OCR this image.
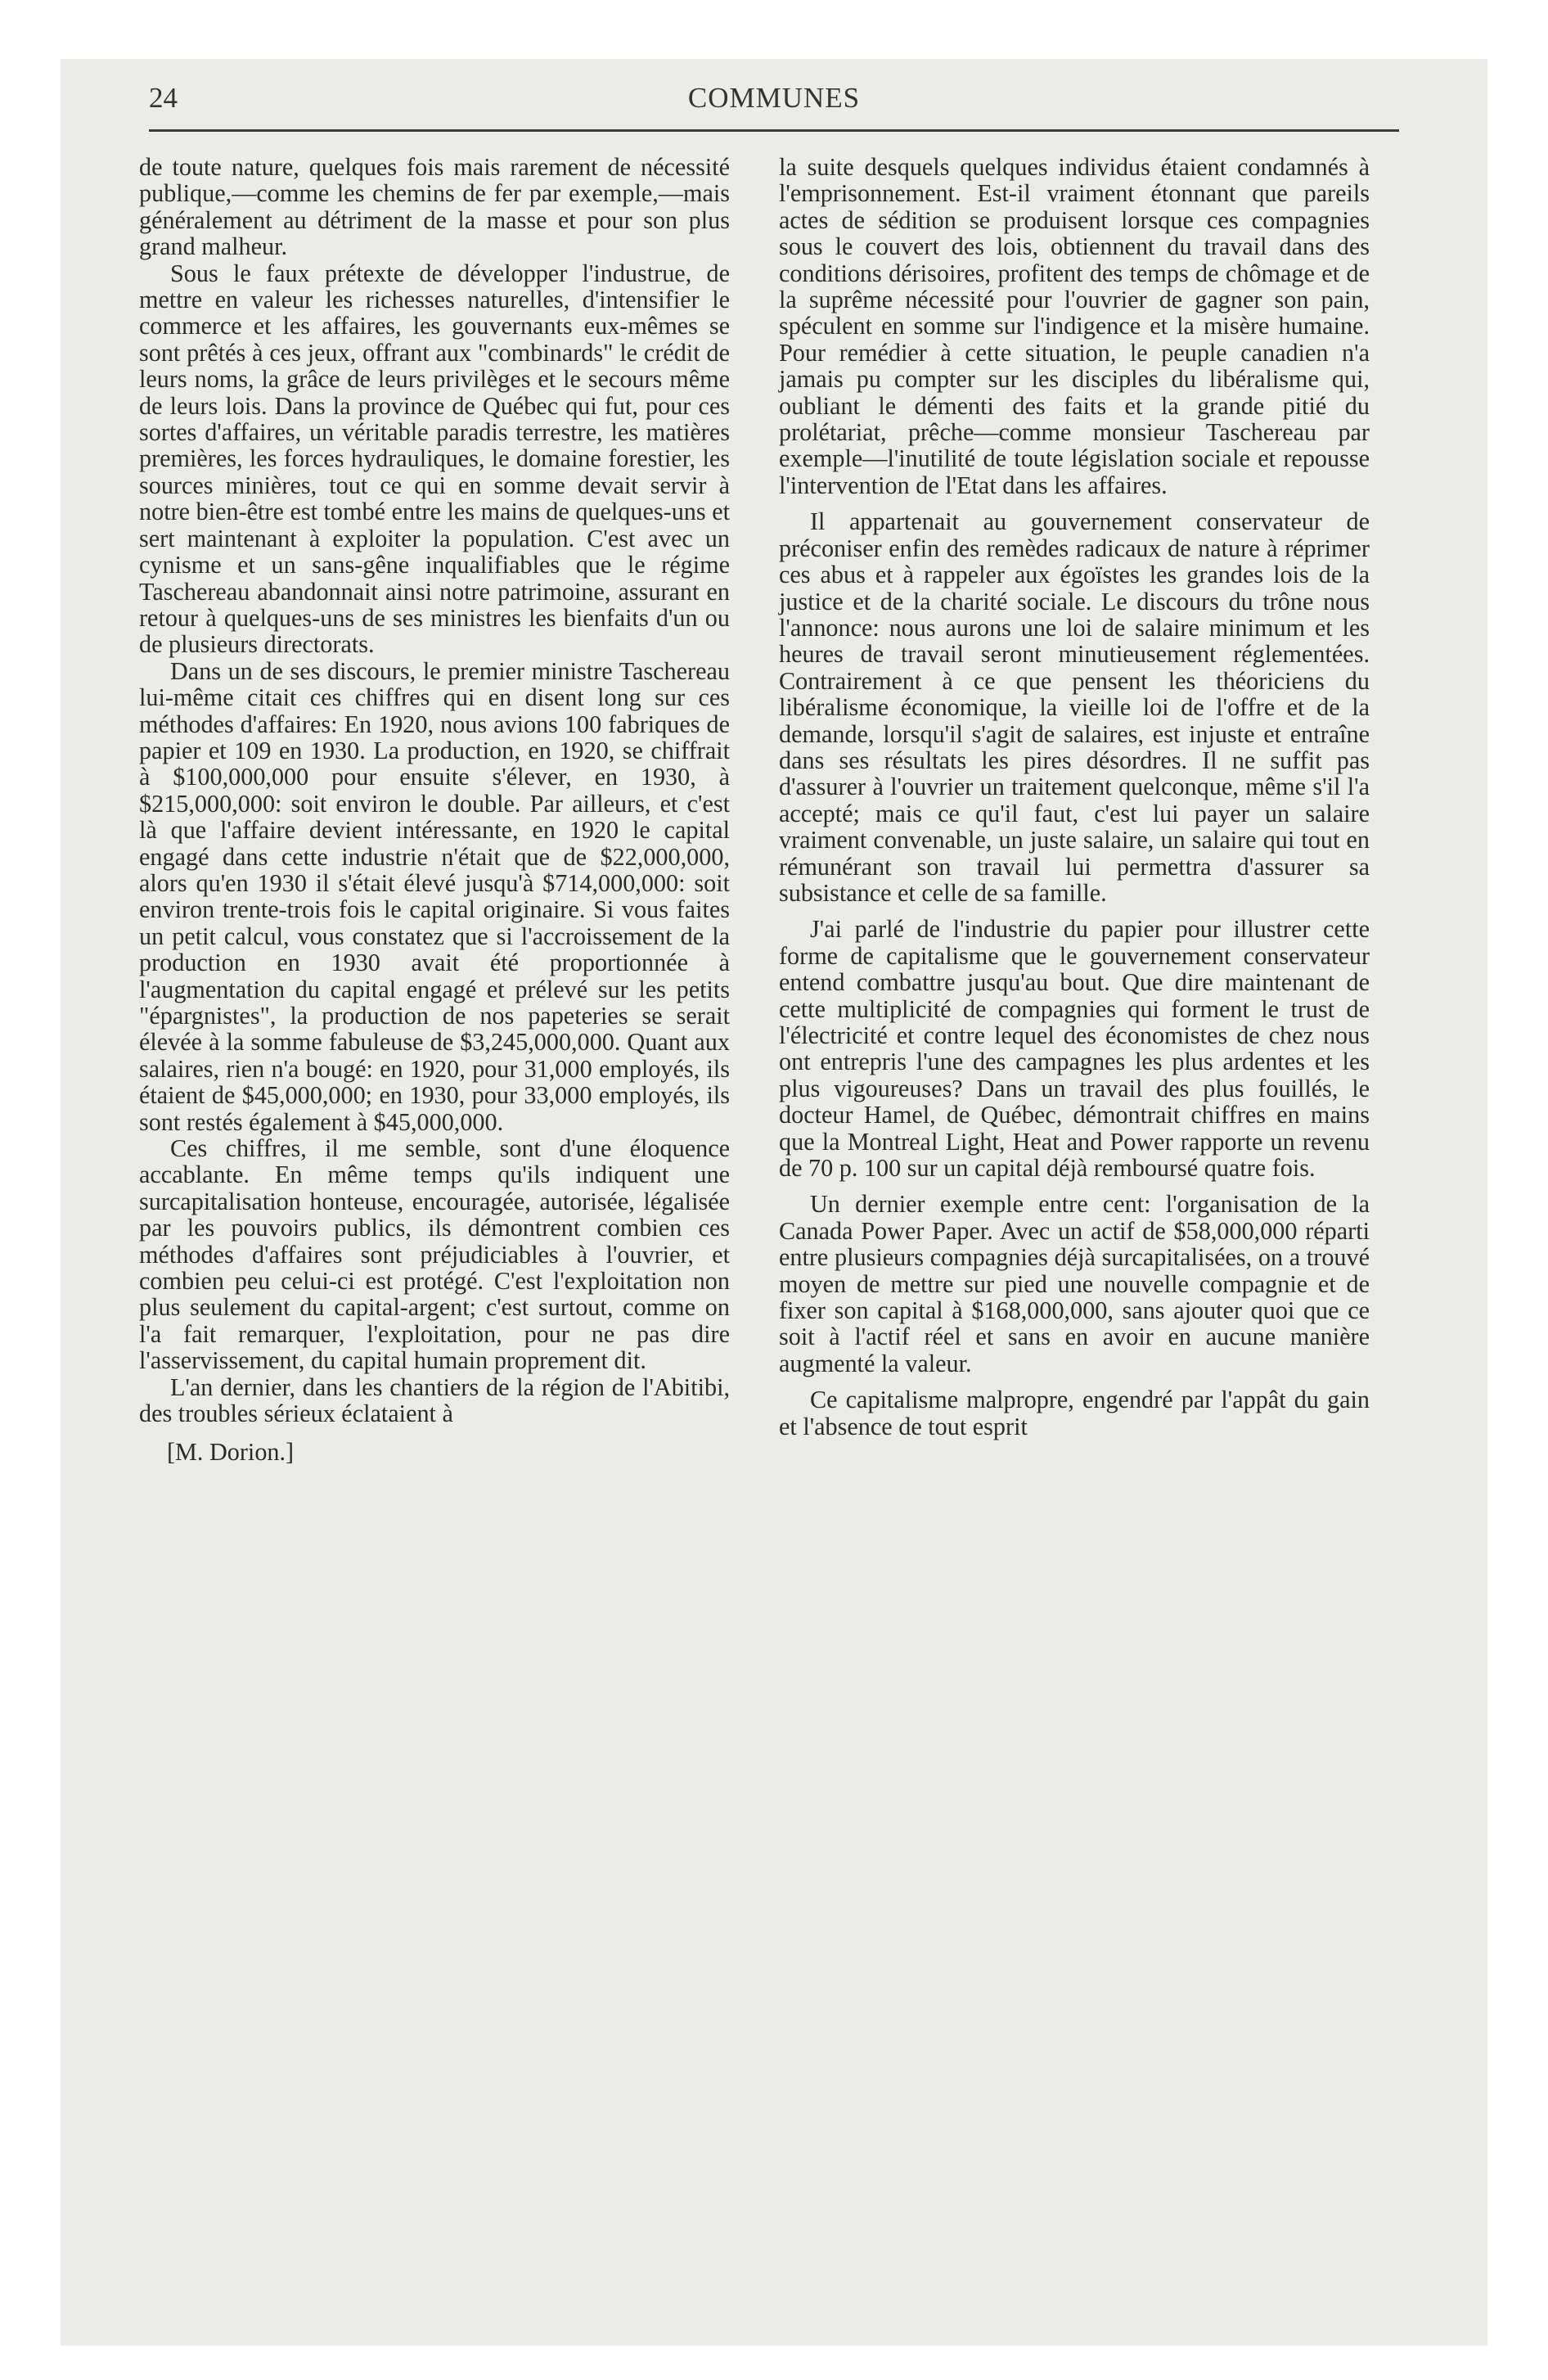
24	COMMUNES

de toute nature, quelques fois mais rarement de nécessité publique,—comme les chemins de fer par exemple,—mais généralement au détriment de la masse et pour son plus grand malheur.

Sous le faux prétexte de développer l'industrue, de mettre en valeur les richesses naturelles, d'intensifier le commerce et les affaires, les gouvernants eux-mêmes se sont prêtés à ces jeux, offrant aux "combinards" le crédit de leurs noms, la grâce de leurs privilèges et le secours même de leurs lois. Dans la province de Québec qui fut, pour ces sortes d'affaires, un véritable paradis terrestre, les matières premières, les forces hydrauliques, le domaine forestier, les sources minières, tout ce qui en somme devait servir à notre bien-être est tombé entre les mains de quelques-uns et sert maintenant à exploiter la population. C'est avec un cynisme et un sans-gêne inqualifiables que le régime Taschereau abandonnait ainsi notre patrimoine, assurant en retour à quelques-uns de ses ministres les bienfaits d'un ou de plusieurs directorats.

Dans un de ses discours, le premier ministre Taschereau lui-même citait ces chiffres qui en disent long sur ces méthodes d'affaires: En 1920, nous avions 100 fabriques de papier et 109 en 1930. La production, en 1920, se chiffrait à $100,000,000 pour ensuite s'élever, en 1930, à $215,000,000: soit environ le double. Par ailleurs, et c'est là que l'affaire devient intéressante, en 1920 le capital engagé dans cette industrie n'était que de $22,000,000, alors qu'en 1930 il s'était élevé jusqu'à $714,000,000: soit environ trente-trois fois le capital originaire. Si vous faites un petit calcul, vous constatez que si l'accroissement de la production en 1930 avait été proportionnée à l'augmentation du capital engagé et prélevé sur les petits "épargnistes", la production de nos papeteries se serait élevée à la somme fabuleuse de $3,245,000,000. Quant aux salaires, rien n'a bougé: en 1920, pour 31,000 employés, ils étaient de $45,000,000; en 1930, pour 33,000 employés, ils sont restés également à $45,000,000.

Ces chiffres, il me semble, sont d'une éloquence accablante. En même temps qu'ils indiquent une surcapitalisation honteuse, encouragée, autorisée, légalisée par les pouvoirs publics, ils démontrent combien ces méthodes d'affaires sont préjudiciables à l'ouvrier, et combien peu celui-ci est protégé. C'est l'exploitation non plus seulement du capital-argent; c'est surtout, comme on l'a fait remarquer, l'exploitation, pour ne pas dire l'asservissement, du capital humain proprement dit.

L'an dernier, dans les chantiers de la région de l'Abitibi, des troubles sérieux éclataient à

[M. Dorion.]

la suite desquels quelques individus étaient condamnés à l'emprisonnement. Est-il vraiment étonnant que pareils actes de sédition se produisent lorsque ces compagnies sous le couvert des lois, obtiennent du travail dans des conditions dérisoires, profitent des temps de chômage et de la suprême nécessité pour l'ouvrier de gagner son pain, spéculent en somme sur l'indigence et la misère humaine. Pour remédier à cette situation, le peuple canadien n'a jamais pu compter sur les disciples du libéralisme qui, oubliant le démenti des faits et la grande pitié du prolétariat, prêche—comme monsieur Taschereau par exemple—l'inutilité de toute législation sociale et repousse l'intervention de l'Etat dans les affaires.

Il appartenait au gouvernement conservateur de préconiser enfin des remèdes radicaux de nature à réprimer ces abus et à rappeler aux égoïstes les grandes lois de la justice et de la charité sociale. Le discours du trône nous l'annonce: nous aurons une loi de salaire minimum et les heures de travail seront minutieusement réglementées. Contrairement à ce que pensent les théoriciens du libéralisme économique, la vieille loi de l'offre et de la demande, lorsqu'il s'agit de salaires, est injuste et entraîne dans ses résultats les pires désordres. Il ne suffit pas d'assurer à l'ouvrier un traitement quelconque, même s'il l'a accepté; mais ce qu'il faut, c'est lui payer un salaire vraiment convenable, un juste salaire, un salaire qui tout en rémunérant son travail lui permettra d'assurer sa subsistance et celle de sa famille.

J'ai parlé de l'industrie du papier pour illustrer cette forme de capitalisme que le gouvernement conservateur entend combattre jusqu'au bout. Que dire maintenant de cette multiplicité de compagnies qui forment le trust de l'électricité et contre lequel des économistes de chez nous ont entrepris l'une des campagnes les plus ardentes et les plus vigoureuses? Dans un travail des plus fouillés, le docteur Hamel, de Québec, démontrait chiffres en mains que la Montreal Light, Heat and Power rapporte un revenu de 70 p. 100 sur un capital déjà remboursé quatre fois.

Un dernier exemple entre cent: l'organisation de la Canada Power Paper. Avec un actif de $58,000,000 réparti entre plusieurs compagnies déjà surcapitalisées, on a trouvé moyen de mettre sur pied une nouvelle compagnie et de fixer son capital à $168,000,000, sans ajouter quoi que ce soit à l'actif réel et sans en avoir en aucune manière augmenté la valeur.

Ce capitalisme malpropre, engendré par l'appât du gain et l'absence de tout esprit
